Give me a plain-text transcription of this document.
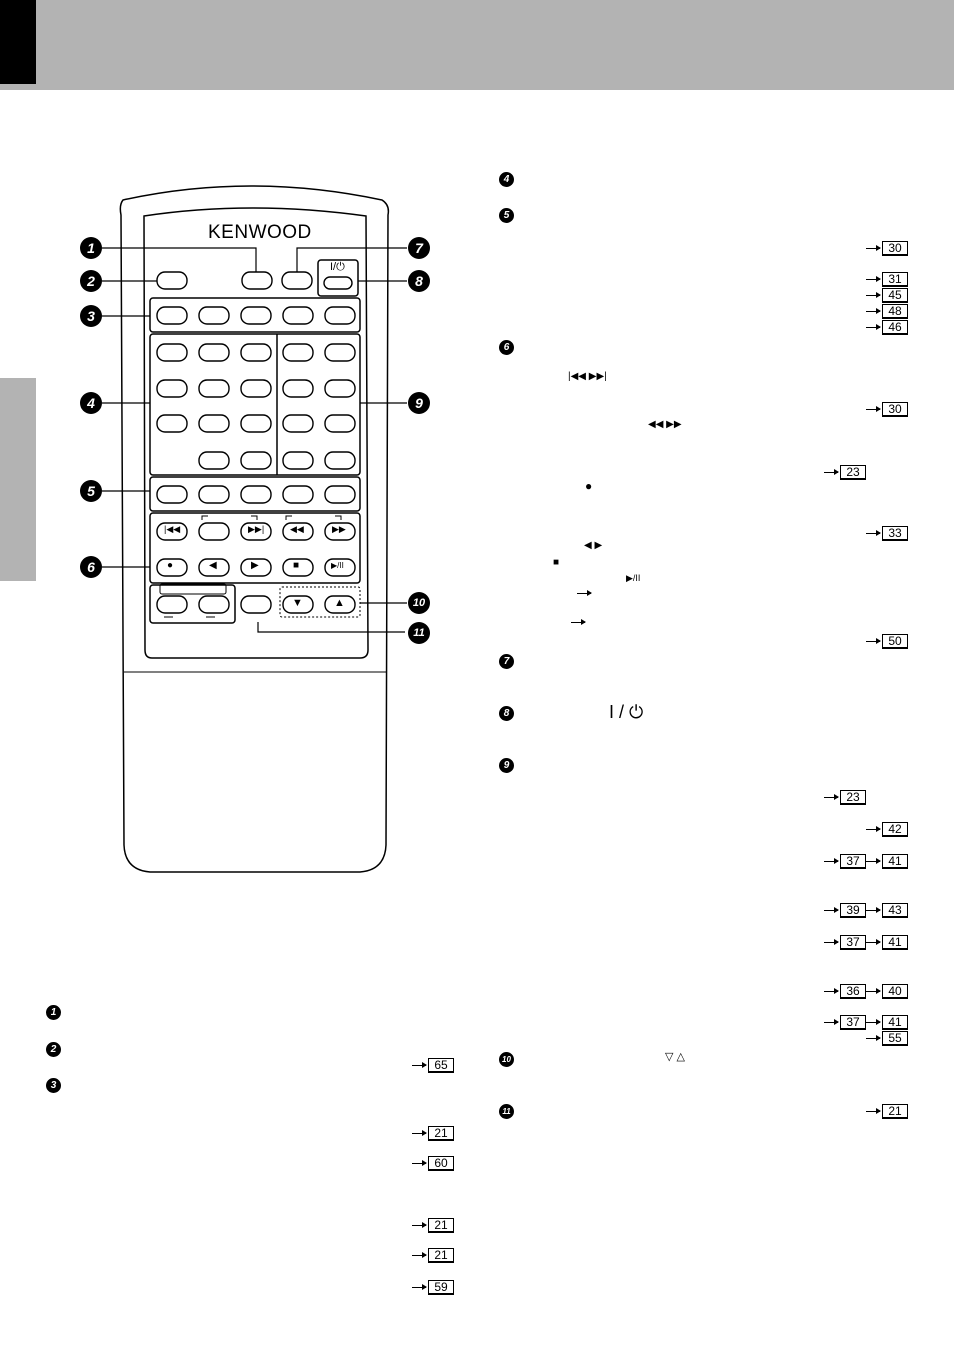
KENWOOD
I/⏻
|◀◀	▶▶|	◀◀	▶▶
●	◀	▶	■	▶/II
▼	▲
1
2
3
4
5
6
7
8
9
10
11
1
2
3
65
21
60
21
21
59
4
5
6
7
8
9
10
11
|◀◀ ▶▶|
◀◀ ▶▶
●
◀ ▶
■
▶/II
I / ⏻
▽ △
30
31
45
48
46
30
23
33
50
23
42
37	41
39	43
37	41
36	40
37	41
55
21
